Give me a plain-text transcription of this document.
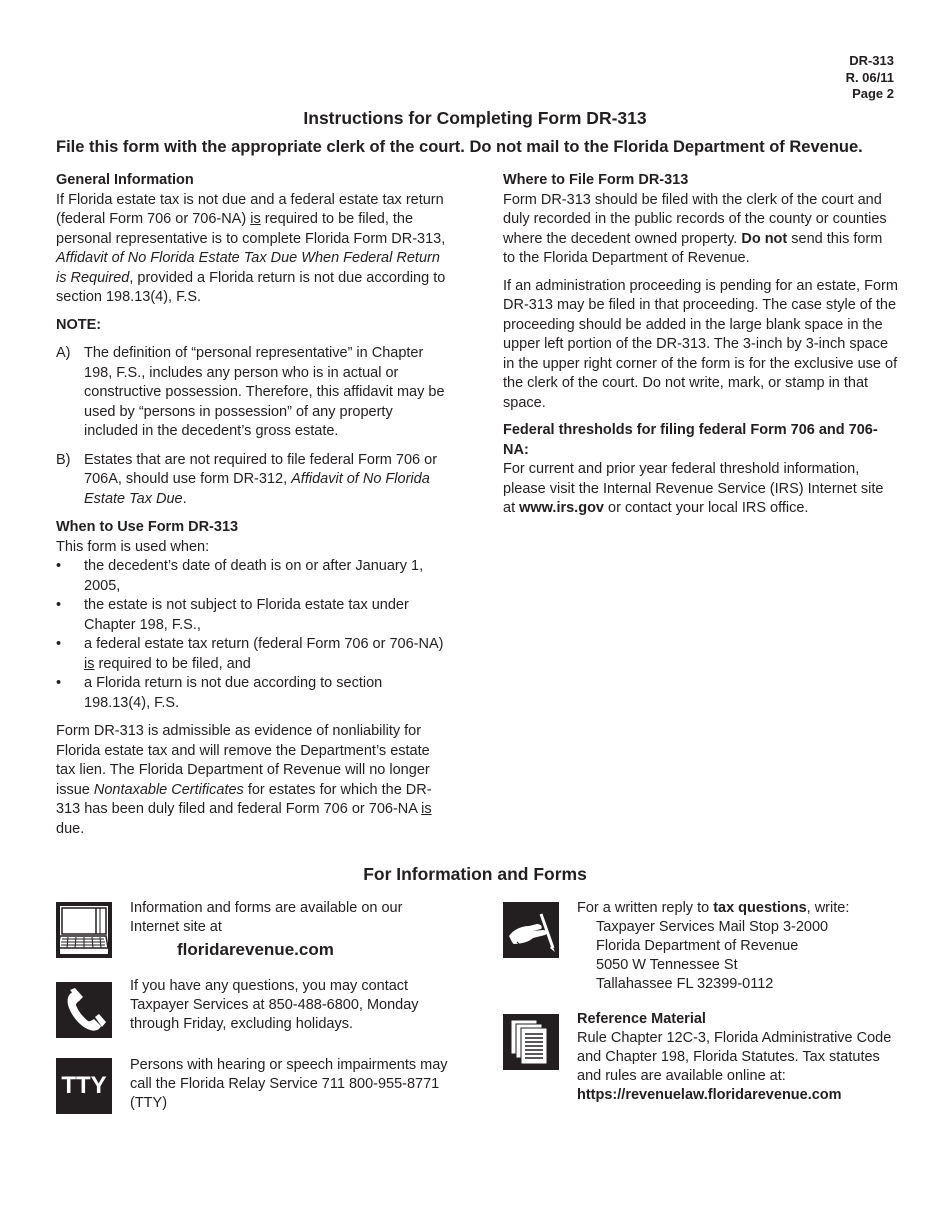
DR-313
R. 06/11
Page 2
Instructions for Completing Form DR-313
File this form with the appropriate clerk of the court. Do not mail to the Florida Department of Revenue.
General Information

If Florida estate tax is not due and a federal estate tax return (federal Form 706 or 706-NA) is required to be filed, the personal representative is to complete Florida Form DR-313, Affidavit of No Florida Estate Tax Due When Federal Return is Required, provided a Florida return is not due according to section 198.13(4), F.S.

NOTE:
A) The definition of “personal representative” in Chapter 198, F.S., includes any person who is in actual or constructive possession. Therefore, this affidavit may be used by “persons in possession” of any property included in the decedent’s gross estate.
B) Estates that are not required to file federal Form 706 or 706A, should use form DR-312, Affidavit of No Florida Estate Tax Due.
When to Use Form DR-313
This form is used when:
•	the decedent’s date of death is on or after January 1, 2005,
•	the estate is not subject to Florida estate tax under Chapter 198, F.S.,
•	a federal estate tax return (federal Form 706 or 706-NA) is required to be filed, and
•	a Florida return is not due according to section 198.13(4), F.S.

Form DR-313 is admissible as evidence of nonliability for Florida estate tax and will remove the Department’s estate tax lien. The Florida Department of Revenue will no longer issue Nontaxable Certificates for estates for which the DR-313 has been duly filed and federal Form 706 or 706-NA is due.

Where to File Form DR-313

Form DR-313 should be filed with the clerk of the court and duly recorded in the public records of the county or counties where the decedent owned property. Do not send this form to the Florida Department of Revenue.

If an administration proceeding is pending for an estate, Form DR-313 may be filed in that proceeding. The case style of the proceeding should be added in the large blank space in the upper left portion of the DR-313. The 3-inch by 3-inch space in the upper right corner of the form is for the exclusive use of the clerk of the court. Do not write, mark, or stamp in that space.

Federal thresholds for filing federal Form 706 and 706-NA:

For current and prior year federal threshold information, please visit the Internal Revenue Service (IRS) Internet site at www.irs.gov or contact your local IRS office.

For Information and Forms
Information and forms are available on our Internet site at
floridarevenue.com
If you have any questions, you may contact Taxpayer Services at 850-488-6800, Monday through Friday, excluding holidays.
TTY
Persons with hearing or speech impairments may call the Florida Relay Service 711 800-955-8771 (TTY)
For a written reply to tax questions, write:
Taxpayer Services Mail Stop 3-2000
Florida Department of Revenue
5050 W Tennessee St
Tallahassee FL 32399-0112
Reference Material
Rule Chapter 12C-3, Florida Administrative Code and Chapter 198, Florida Statutes. Tax statutes and rules are available online at:
https://revenuelaw.floridarevenue.com
